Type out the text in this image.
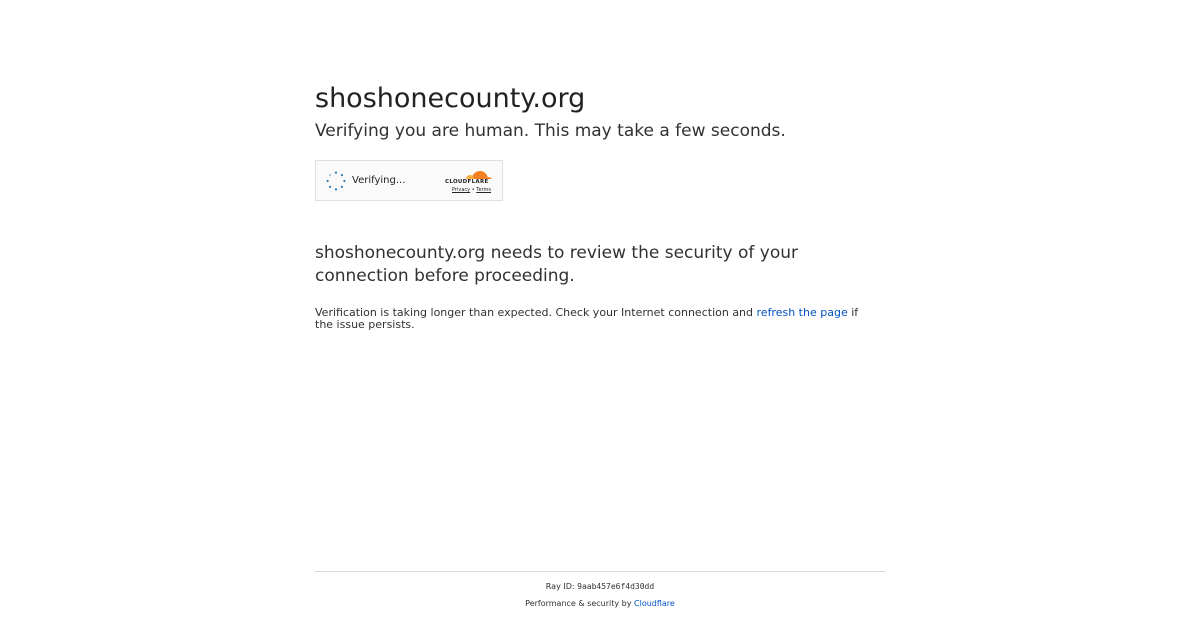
shoshonecounty.org

Verifying you are human. This may take a few seconds.

Verifying...	CLOUDFLARE
Privacy • Terms

shoshonecounty.org needs to review the security of your connection before proceeding.

Verification is taking longer than expected. Check your Internet connection and refresh the page if the issue persists.

Ray ID: 9aab457e6f4d30dd
Performance & security by Cloudflare
